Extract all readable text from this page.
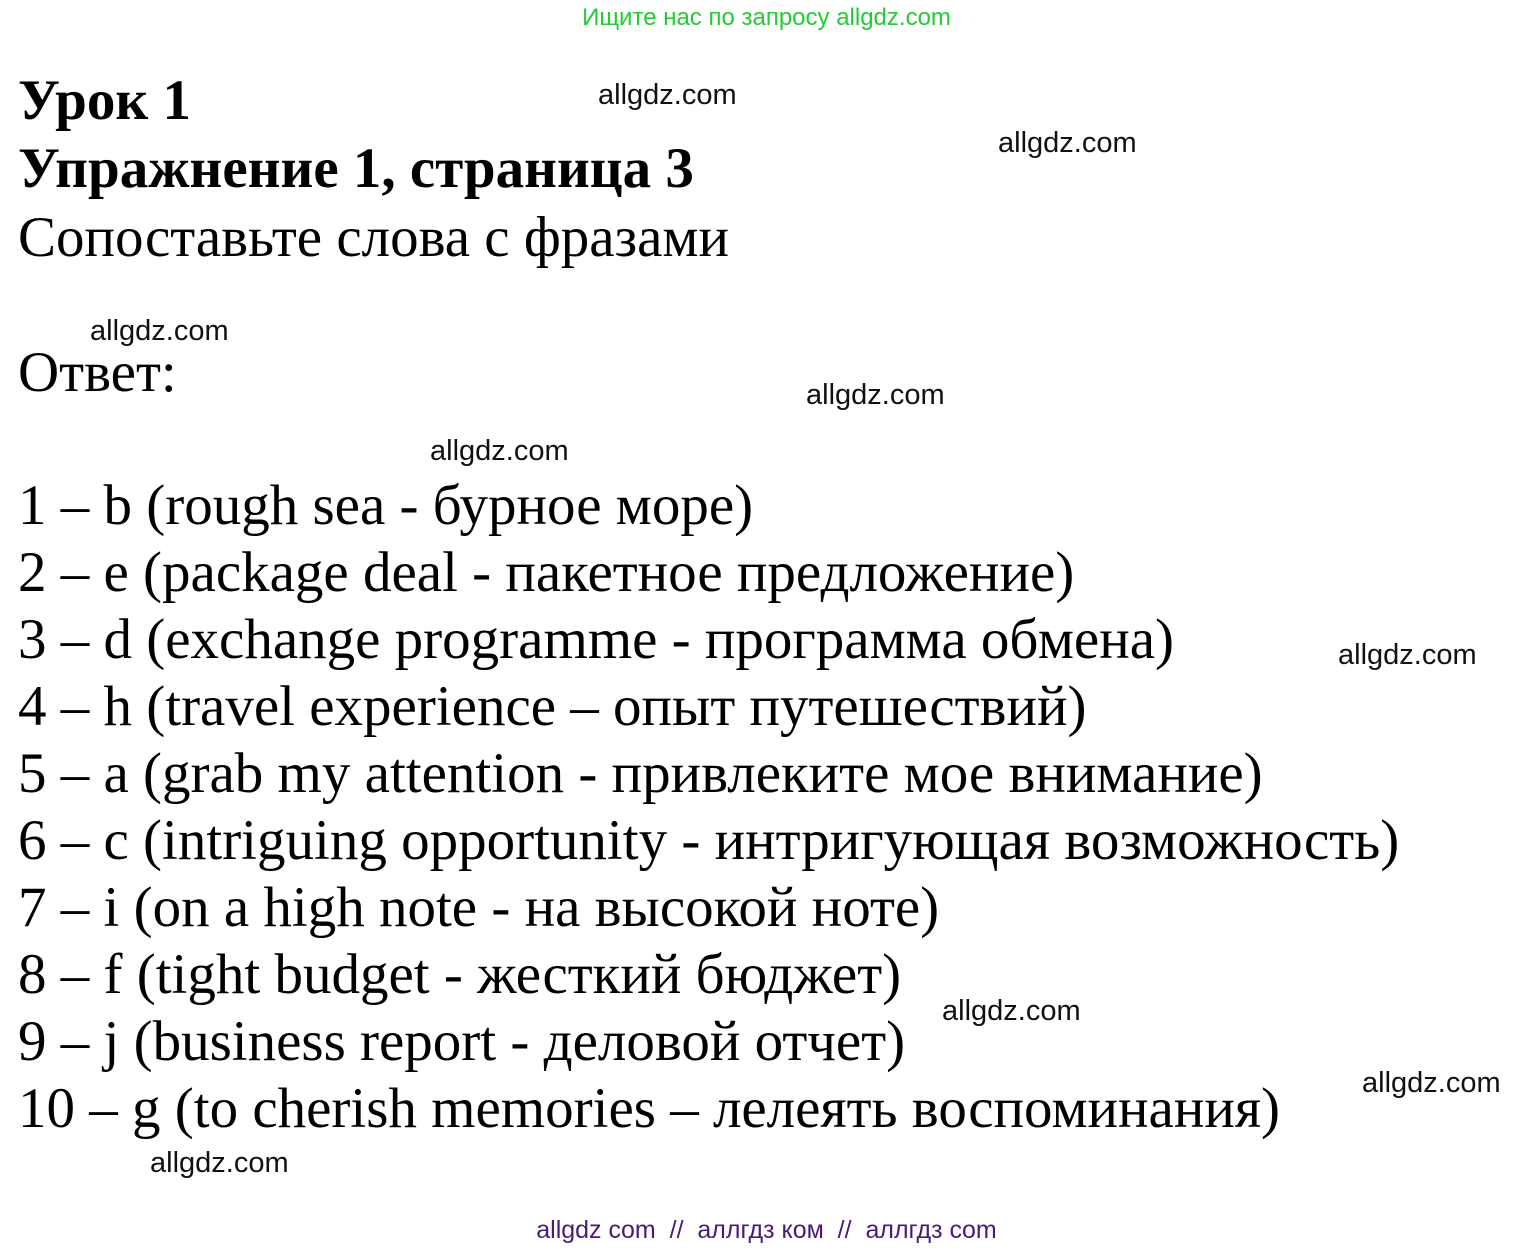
Ищите нас по запросу allgdz.com
Урок 1
Упражнение 1, страница 3
Сопоставьте слова с фразами
Ответ:
1 – b (rough sea - бурное море)
2 – e (package deal - пакетное предложение)
3 – d (exchange programme - программа обмена)
4 – h (travel experience – опыт путешествий)
5 – a (grab my attention - привлеките мое внимание)
6 – c (intriguing opportunity - интригующая возможность)
7 – i (on a high note - на высокой ноте)
8 – f (tight budget - жесткий бюджет)
9 – j (business report - деловой отчет)
10 – g (to cherish memories – лелеять воспоминания)
allgdz.com
allgdz.com
allgdz.com
allgdz.com
allgdz.com
allgdz.com
allgdz.com
allgdz.com
allgdz.com
allgdz com  //  аллгдз ком  //  аллгдз com
